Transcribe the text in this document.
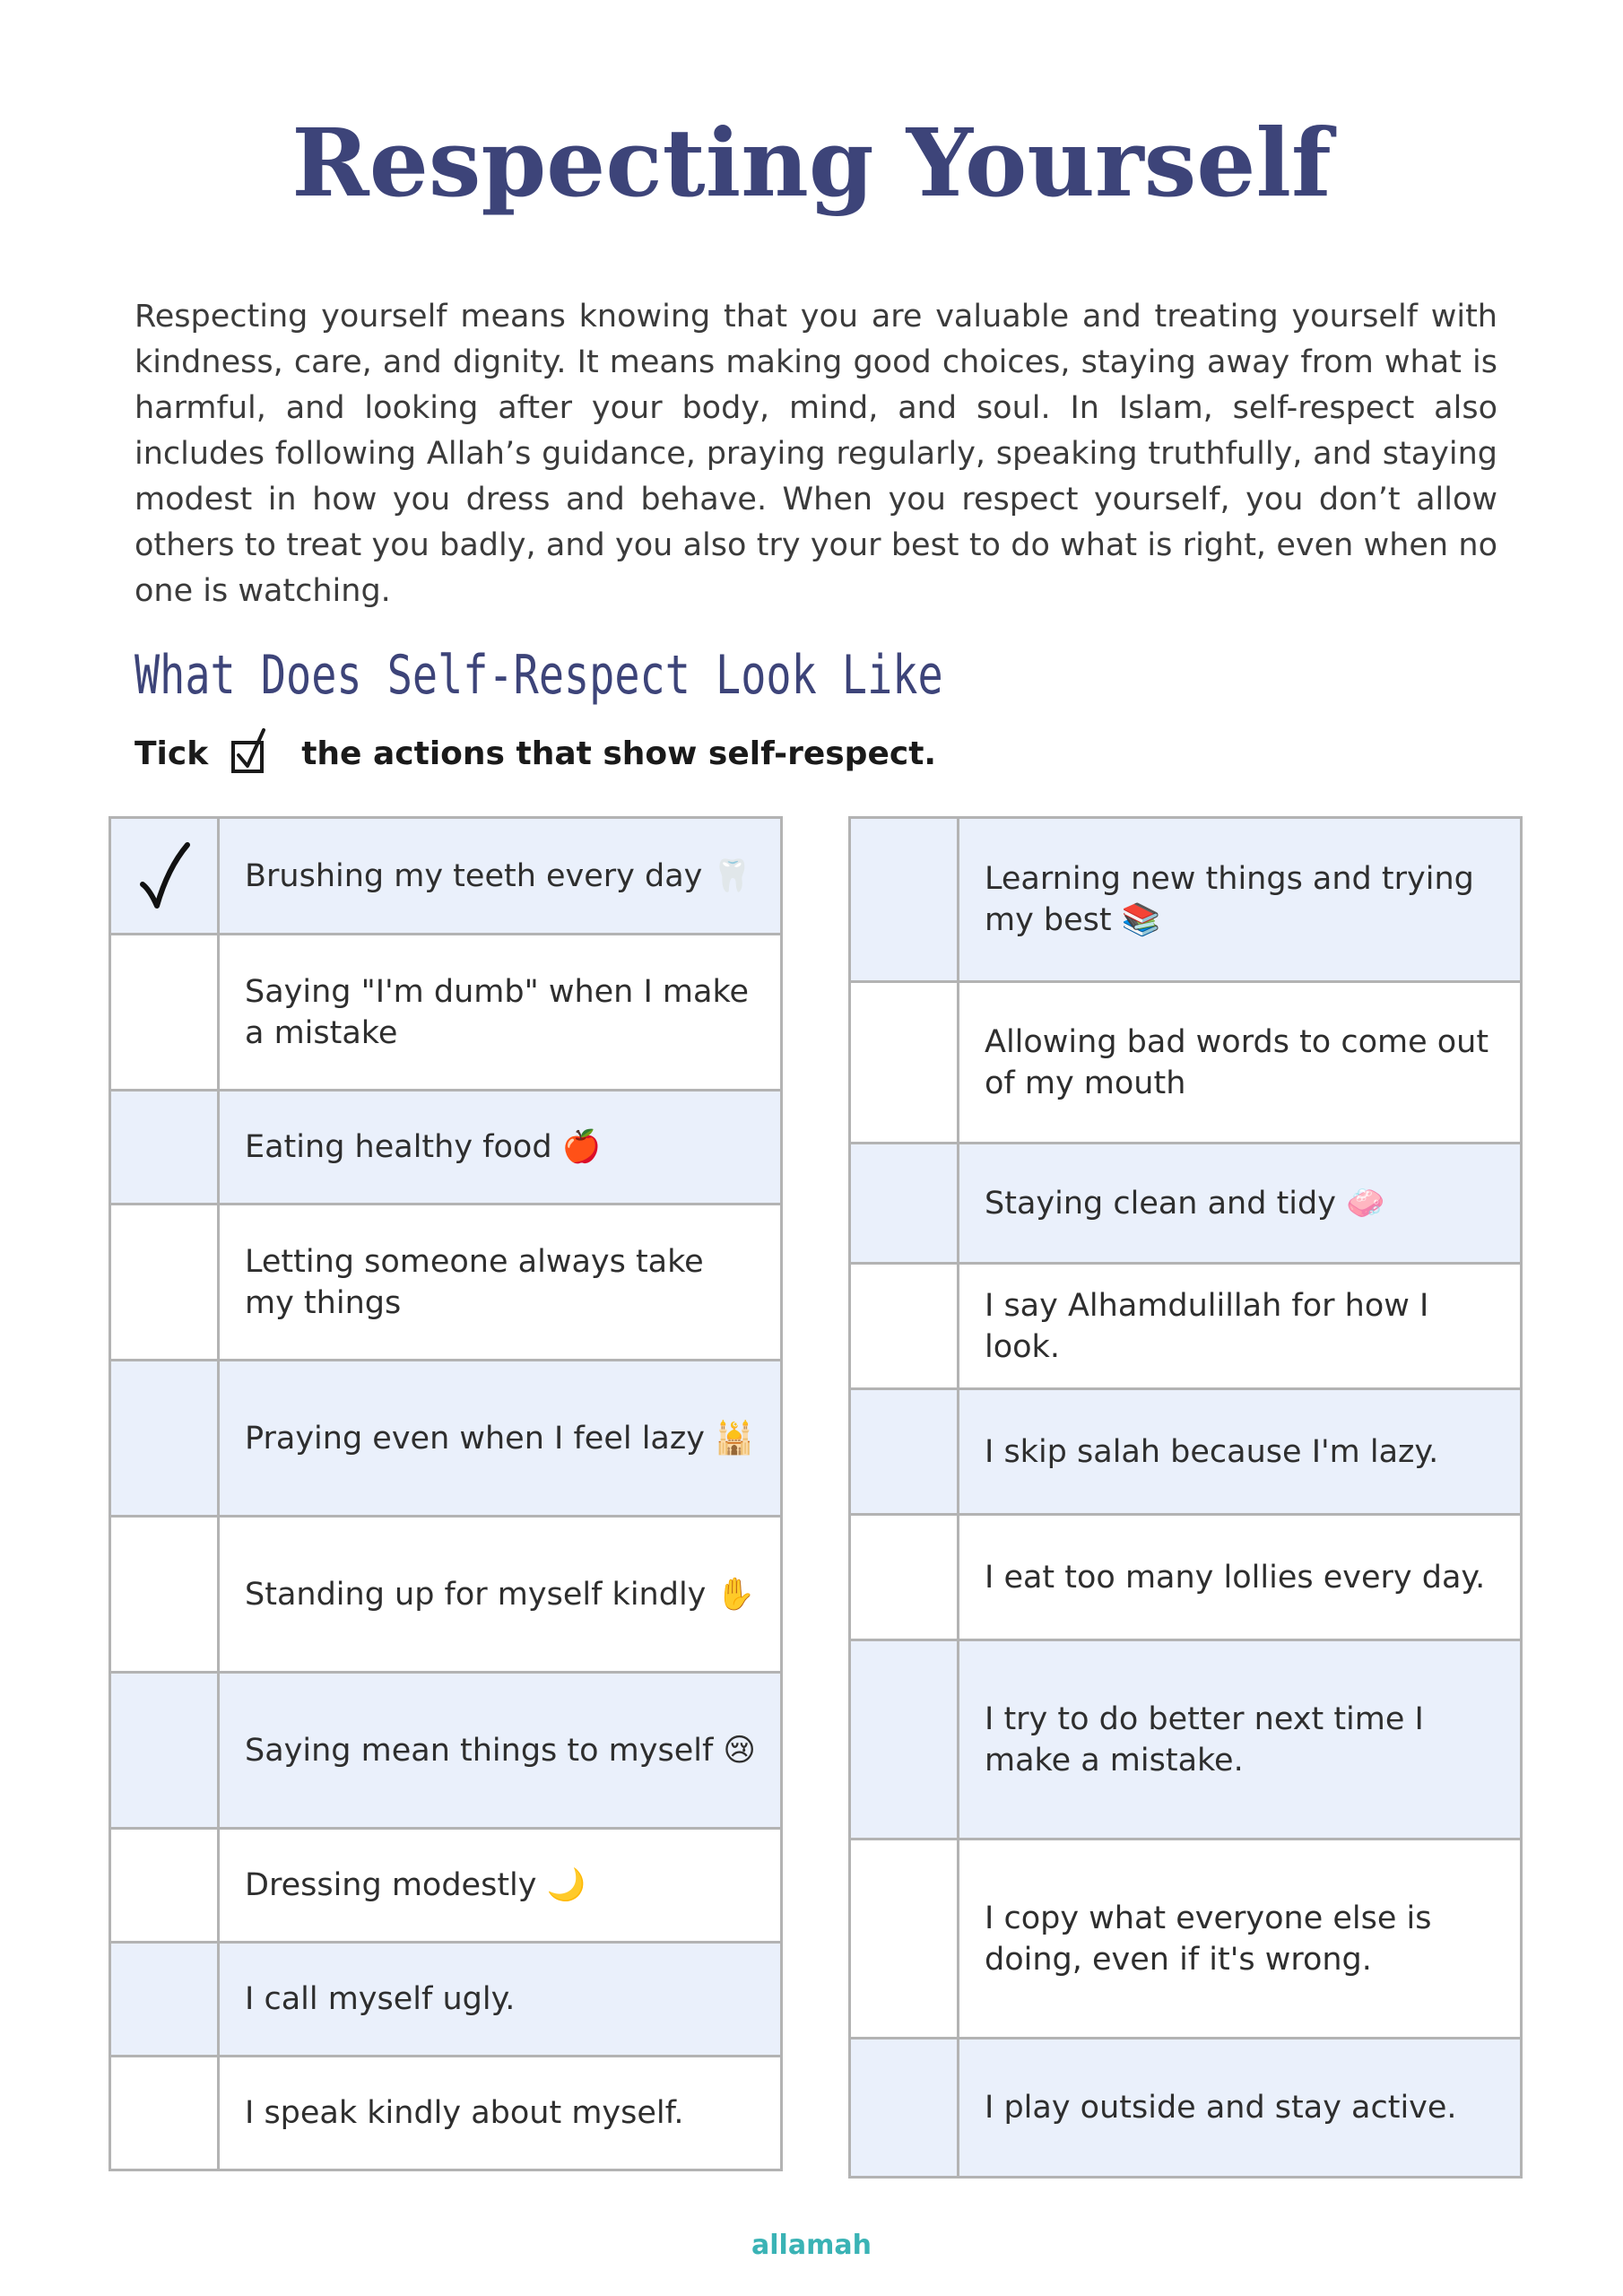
Respecting Yourself
Respecting yourself means knowing that you are valuable and treating yourself with kindness, care, and dignity. It means making good choices, staying away from what is harmful, and looking after your body, mind, and soul. In Islam, self-respect also includes following Allah’s guidance, praying regularly, speaking truthfully, and staying modest in how you dress and behave. When you respect yourself, you don’t allow others to treat you badly, and you also try your best to do what is right, even when no one is watching.
What Does Self-Respect Look Like
Tick	the actions that show self-respect.
Brushing my teeth every day 🦷
Saying "I'm dumb" when I make a mistake
Eating healthy food 🍎
Letting someone always take my things
Praying even when I feel lazy 🕌
Standing up for myself kindly ✋
Saying mean things to myself 😢
Dressing modestly 🌙
I call myself ugly.
I speak kindly about myself.
Learning new things and trying my best 📚
Allowing bad words to come out of my mouth
Staying clean and tidy 🧼
I say Alhamdulillah for how I look.
I skip salah because I'm lazy.
I eat too many lollies every day.
I try to do better next time I make a mistake.
I copy what everyone else is doing, even if it's wrong.
I play outside and stay active.
allamah
